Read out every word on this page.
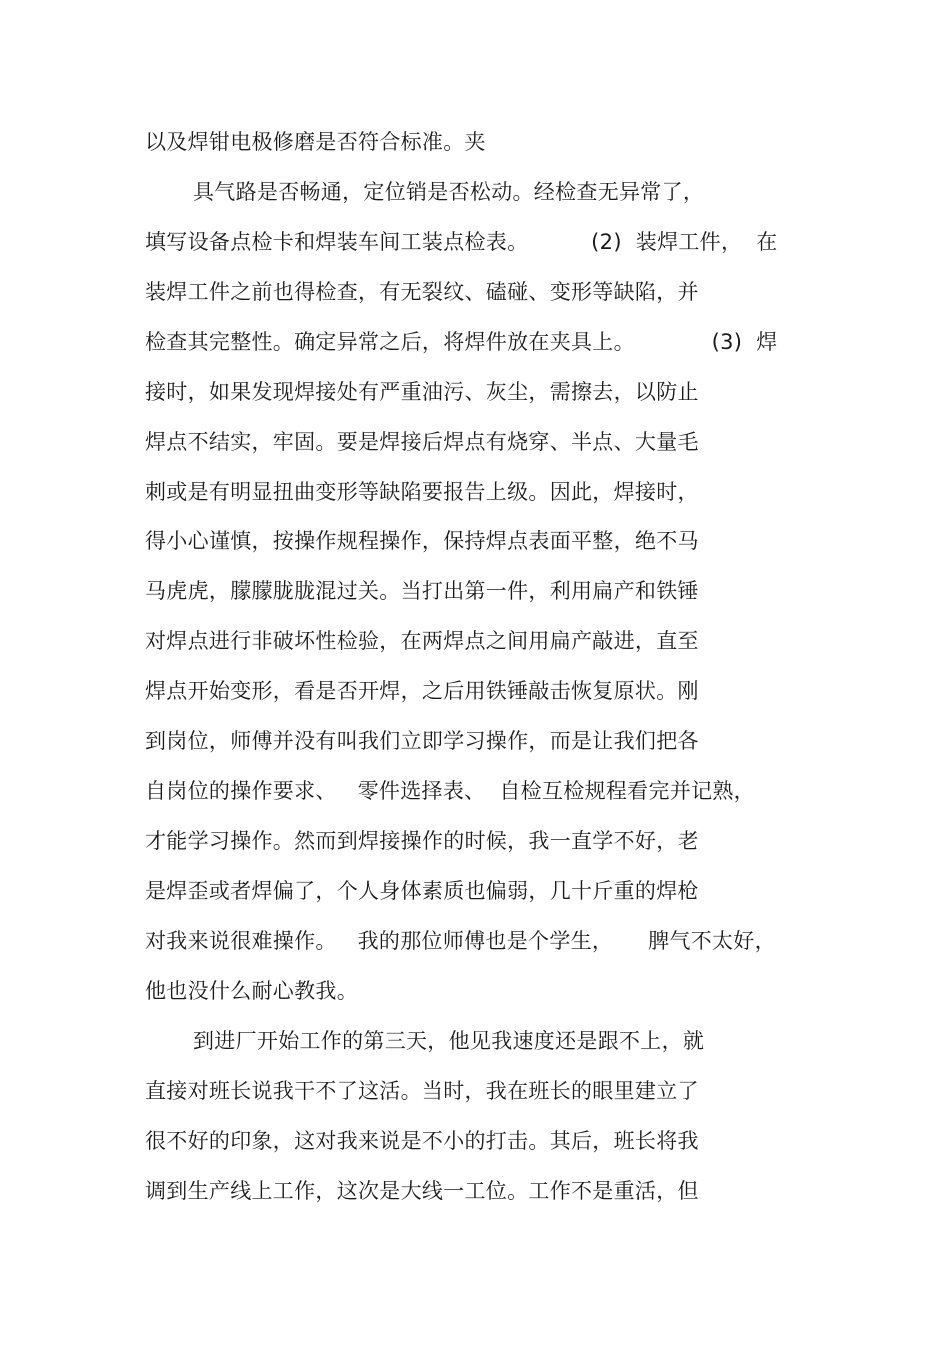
以及焊钳电极修磨是否符合标准。夹
具气路是否畅通，定位销是否松动。经检查无异常了，
填写设备点检卡和焊装车间工装点检表。         (2)  装焊工件，  在
装焊工件之前也得检查，有无裂纹、磕碰、变形等缺陷，并
检查其完整性。确定异常之后，将焊件放在夹具上。           (3)  焊
接时，如果发现焊接处有严重油污、灰尘，需擦去，以防止
焊点不结实，牢固。要是焊接后焊点有烧穿、半点、大量毛
刺或是有明显扭曲变形等缺陷要报告上级。因此，焊接时，
得小心谨慎，按操作规程操作，保持焊点表面平整，绝不马
马虎虎，朦朦胧胧混过关。当打出第一件，利用扁产和铁锤
对焊点进行非破坏性检验，在两焊点之间用扁产敲进，直至
焊点开始变形，看是否开焊，之后用铁锤敲击恢复原状。刚
到岗位，师傅并没有叫我们立即学习操作，而是让我们把各
自岗位的操作要求、   零件选择表、  自检互检规程看完并记熟，
才能学习操作。然而到焊接操作的时候，我一直学不好，老
是焊歪或者焊偏了，个人身体素质也偏弱，几十斤重的焊枪
对我来说很难操作。   我的那位师傅也是个学生，     脾气不太好，
他也没什么耐心教我。
到进厂开始工作的第三天，他见我速度还是跟不上，就
直接对班长说我干不了这活。当时，我在班长的眼里建立了
很不好的印象，这对我来说是不小的打击。其后，班长将我
调到生产线上工作，这次是大线一工位。工作不是重活，但
